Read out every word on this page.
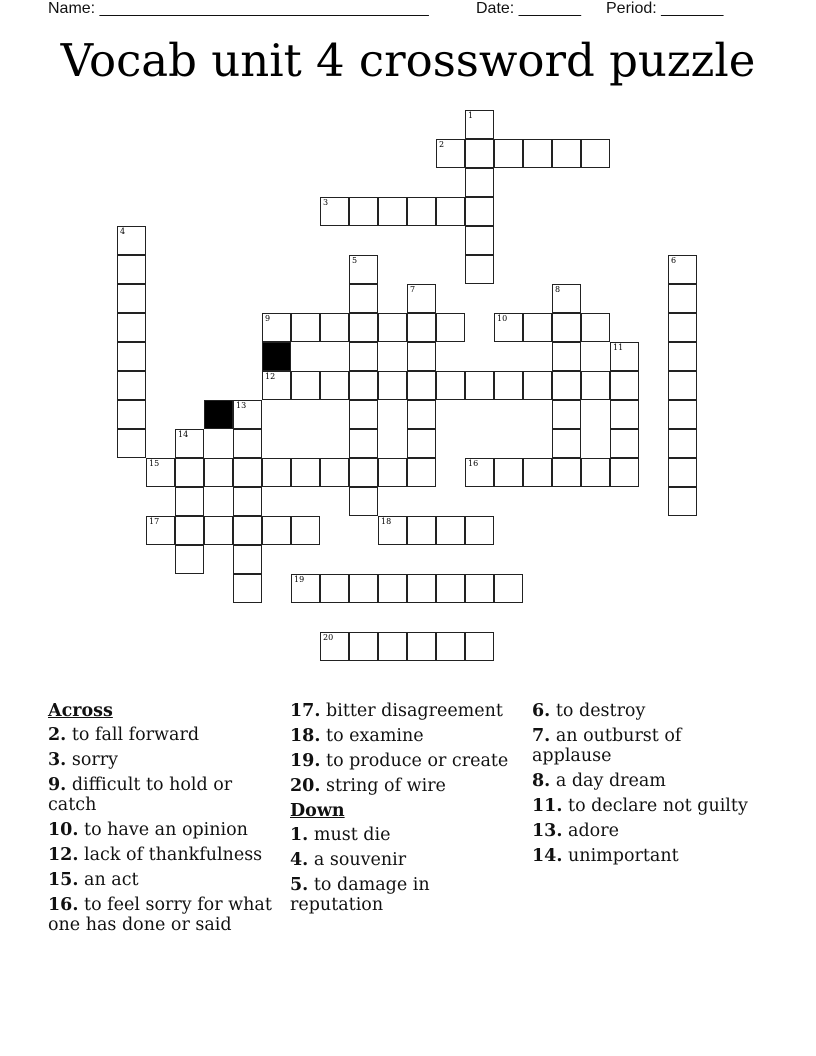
Name: _____________________________________	Date: _______ Period: _______
Vocab unit 4 crossword puzzle
1
2
3
4
5	6
7	8
9	10
11
12
13
14
15	16
17	18
19
20

Across

2. to fall forward

3. sorry

9. difficult to hold or catch

10. to have an opinion

12. lack of thankfulness

15. an act

16. to feel sorry for what one has done or said

17. bitter disagreement

18. to examine

19. to produce or create

20. string of wire

Down

1. must die

4. a souvenir

5. to damage in reputation

6. to destroy

7. an outburst of applause

8. a day dream

11. to declare not guilty

13. adore

14. unimportant
